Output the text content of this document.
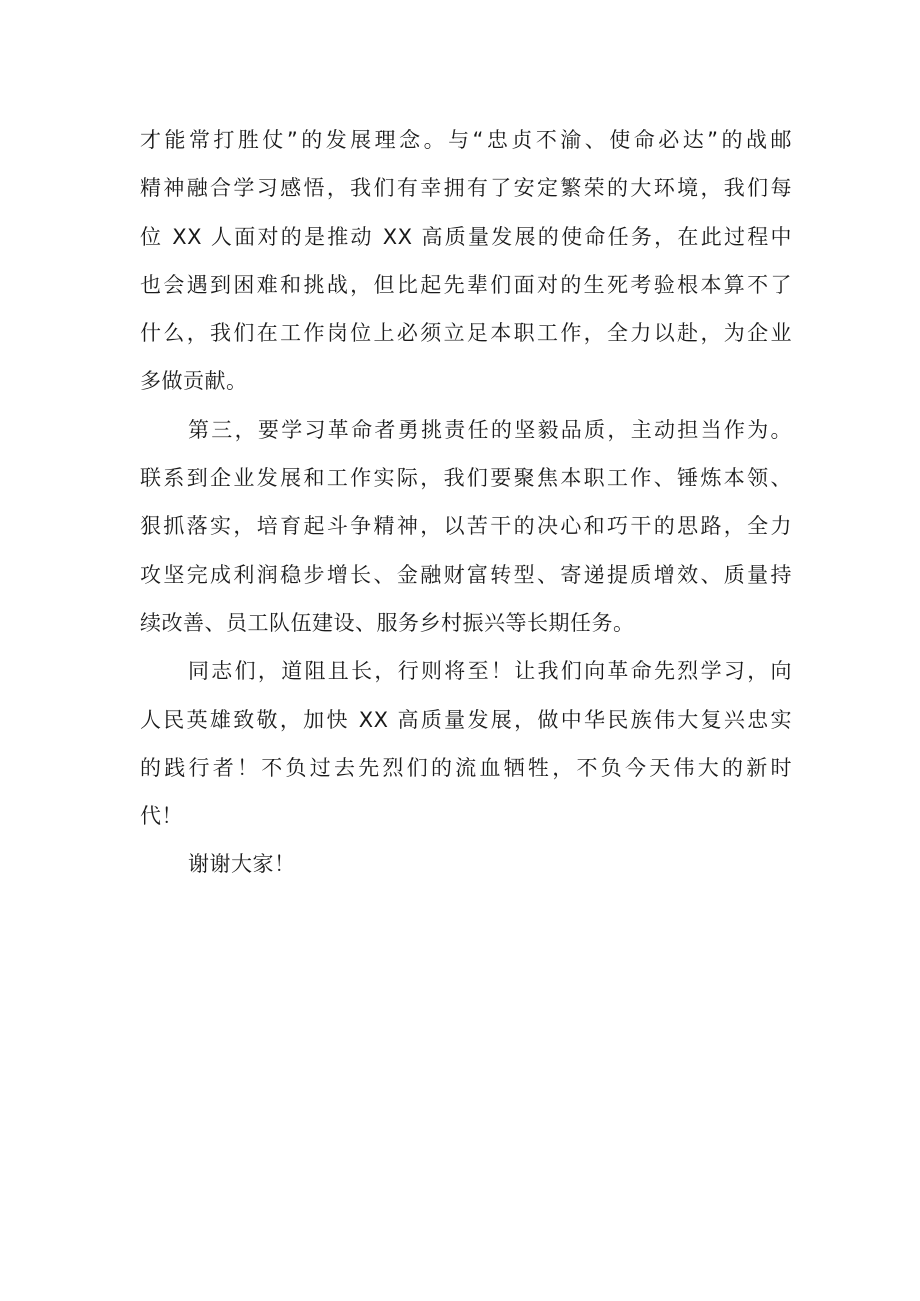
才能常打胜仗”的发展理念。与“忠贞不渝、使命必达”的战邮
精神融合学习感悟，我们有幸拥有了安定繁荣的大环境，我们每
位 XX 人面对的是推动 XX 高质量发展的使命任务，在此过程中
也会遇到困难和挑战，但比起先辈们面对的生死考验根本算不了
什么，我们在工作岗位上必须立足本职工作，全力以赴，为企业
多做贡献。
第三，要学习革命者勇挑责任的坚毅品质，主动担当作为。
联系到企业发展和工作实际，我们要聚焦本职工作、锤炼本领、
狠抓落实，培育起斗争精神，以苦干的决心和巧干的思路，全力
攻坚完成利润稳步增长、金融财富转型、寄递提质增效、质量持
续改善、员工队伍建设、服务乡村振兴等长期任务。
同志们，道阻且长，行则将至！让我们向革命先烈学习，向
人民英雄致敬，加快 XX 高质量发展，做中华民族伟大复兴忠实
的践行者！不负过去先烈们的流血牺牲，不负今天伟大的新时
代！
谢谢大家！
